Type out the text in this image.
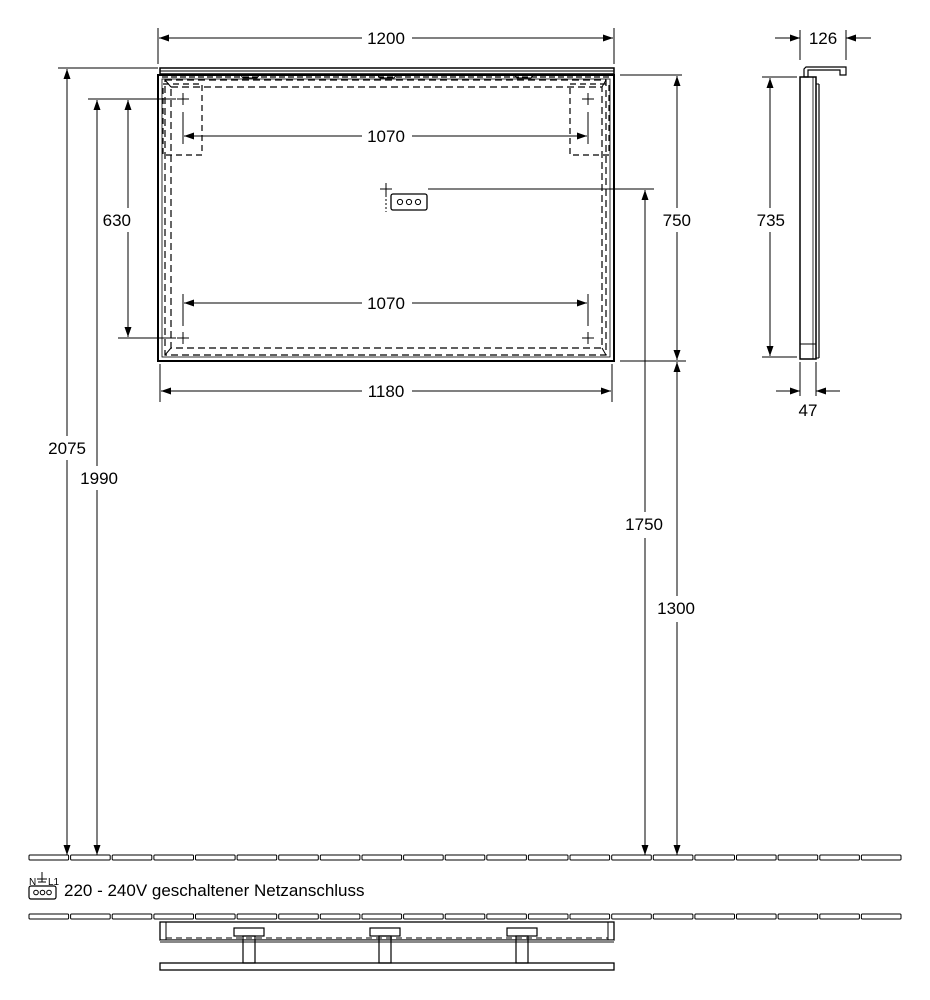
1200	126
1070
1070
630	750	735
1180
47
2075
1990
1750
1300
N L1 220 - 240V geschaltener Netzanschluss
